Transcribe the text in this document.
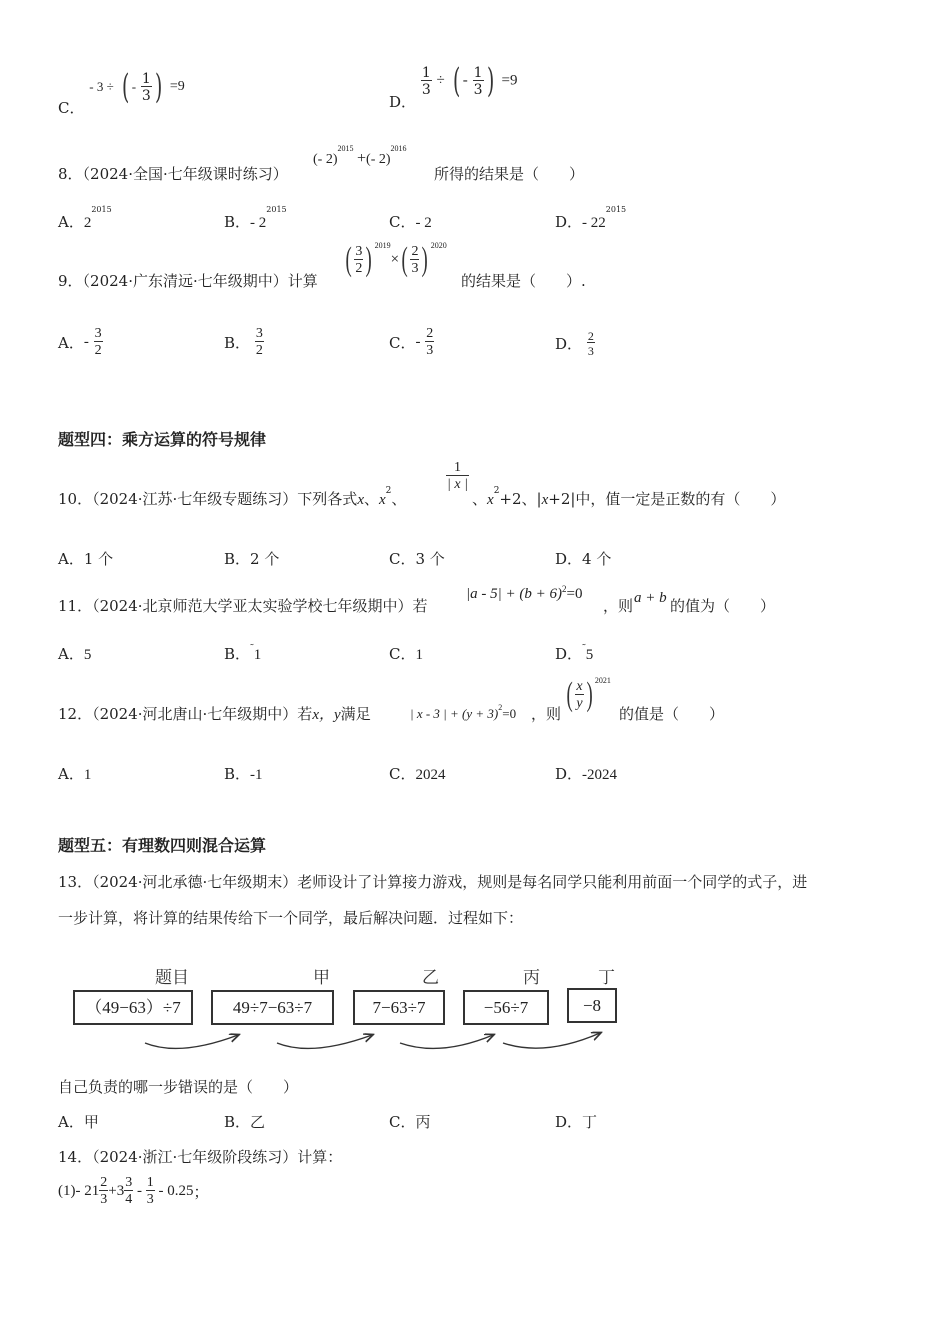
C． - 3 ÷ ( - $\frac{1}{3}$ ) =9
D．
$\frac{1}{3}$ ÷ ( - $\frac{1}{3}$ ) =9
8．（2024·全国·七年级课时练习）
(- 2)$^{2015}$ +(- 2)$^{2016}$
所得的结果是（　　）
A．$2^{2015}$
B．- $2^{2015}$
C．- 2	D．- $22^{2015}$
9．（2024·广东清远·七年级期中）计算
( $\frac{3}{2}$ ) $^{2019}\times( \frac{2}{3}$ ) $^{2020}$
的结果是（　　）.
A．- $\frac{3}{2}$	B． $\frac{3}{2}$	C．- $\frac{2}{3}$	D． $\frac{2}{3}$
题型四：乘方运算的符号规律
10．（2024·江苏·七年级专题练习）下列各式x、$x^2$、
$\frac{1}{| x |}$
、$x^2+2$、|x+2|中，值一定是正数的有（　　）
A．1 个	B．2 个	C．3 个	D．4 个
11．（2024·北京师范大学亚太实验学校七年级期中）若
$|a - 5| + (b + 6)^2=0$
，则 a + b 的值为（　　）
A．5	B．˜1	C．1	D．˜5
12．（2024·河北唐山·七年级期中）若x，y满足	| x - 3 | + $(y + 3)^2=0$ ，则
( $\frac{x}{y}$ ) $^{2021}$
的值是（　　）
A．1	B．-1	C．2024	D．-2024
题型五：有理数四则混合运算
13．（2024·河北承德·七年级期末）老师设计了计算接力游戏，规则是每名同学只能利用前面一个同学的式子，进
一步计算，将计算的结果传给下一个同学，最后解决问题．过程如下：
题目	甲	乙	丙	丁
（49−63）÷7	49÷7−63÷7	7−63÷7	−56÷7	−8
自己负责的哪一步错误的是（　　）
A．甲	B．乙	C．丙	D．丁
14．（2024·浙江·七年级阶段练习）计算：
(1)- $21 \frac{2}{3} +3 \frac{3}{4} - \frac{1}{3} - 0.25$；
